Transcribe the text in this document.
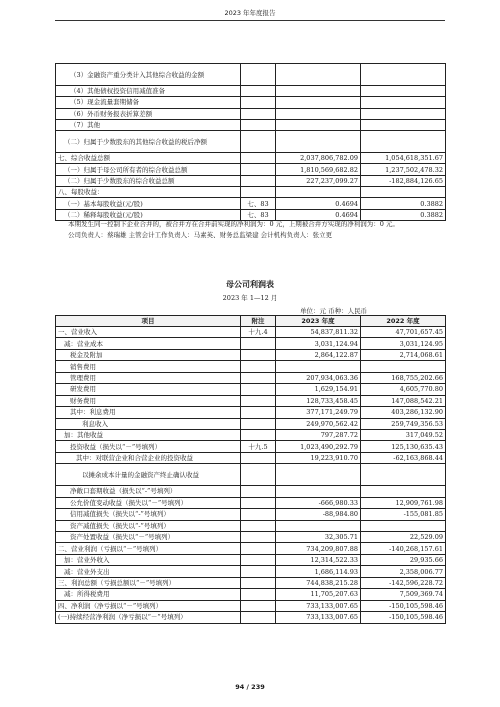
2023 年年度报告
（3）金融资产重分类计入其他综合收益的金额			
（4）其他债权投资信用减值准备			
（5）现金流量套期储备			
（6）外币财务报表折算差额			
（7）其他			
（二）归属于少数股东的其他综合收益的税后净额			
七、综合收益总额		2,037,806,782.09	1,054,618,351.67
（一）归属于母公司所有者的综合收益总额		1,810,569,682.82	1,237,502,478.32
（二）归属于少数股东的综合收益总额		227,237,099.27	-182,884,126.65
八、每股收益：			
（一）基本每股收益(元/股)	七、83	0.4694	0.3882
（二）稀释每股收益(元/股)	七、83	0.4694	0.3882

本期发生同一控制下企业合并的，被合并方在合并前实现的净利润为：0 元，上期被合并方实现的净利润为：0 元。

公司负责人：蔡瑞雄 主管会计工作负责人：马素英、财务总监梁建 会计机构负责人：张立更

母公司利润表
2023 年 1—12 月
单位：元 币种：人民币
项目	附注	2023 年度	2022 年度
一、营业收入	十九.4	54,837,811.32	47,701,657.45
减：营业成本		3,031,124.94	3,031,124.95
税金及附加		2,864,122.87	2,714,068.61
销售费用			
管理费用		207,934,063.36	168,755,202.66
研发费用		1,629,154.91	4,605,770.80
财务费用		128,733,458.45	147,088,542.21
其中：利息费用		377,171,249.79	403,286,132.90
利息收入		249,970,562.42	259,749,356.53
加：其他收益		797,287.72	317,049.52
投资收益（损失以“－”号填列）	十九.5	1,023,490,292.79	125,130,635.43
其中：对联营企业和合营企业的投资收益		19,223,910.70	-62,163,868.44
以摊余成本计量的金融资产终止确认收益			
净敞口套期收益（损失以“-”号填列）			
公允价值变动收益（损失以“－”号填列）		-666,980.33	12,909,761.98
信用减值损失（损失以“-”号填列）		-88,984.80	-155,081.85
资产减值损失（损失以“-”号填列）			
资产处置收益（损失以“－”号填列）		32,305.71	22,529.09
二、营业利润（亏损以“－”号填列）		734,209,807.88	-140,268,157.61
加：营业外收入		12,314,522.33	29,935.66
减：营业外支出		1,686,114.93	2,358,006.77
三、利润总额（亏损总额以“－”号填列）		744,838,215.28	-142,596,228.72
减：所得税费用		11,705,207.63	7,509,369.74
四、净利润（净亏损以“－”号填列）		733,133,007.65	-150,105,598.46
(一)持续经营净利润（净亏损以“－”号填列）		733,133,007.65	-150,105,598.46
94 / 239
